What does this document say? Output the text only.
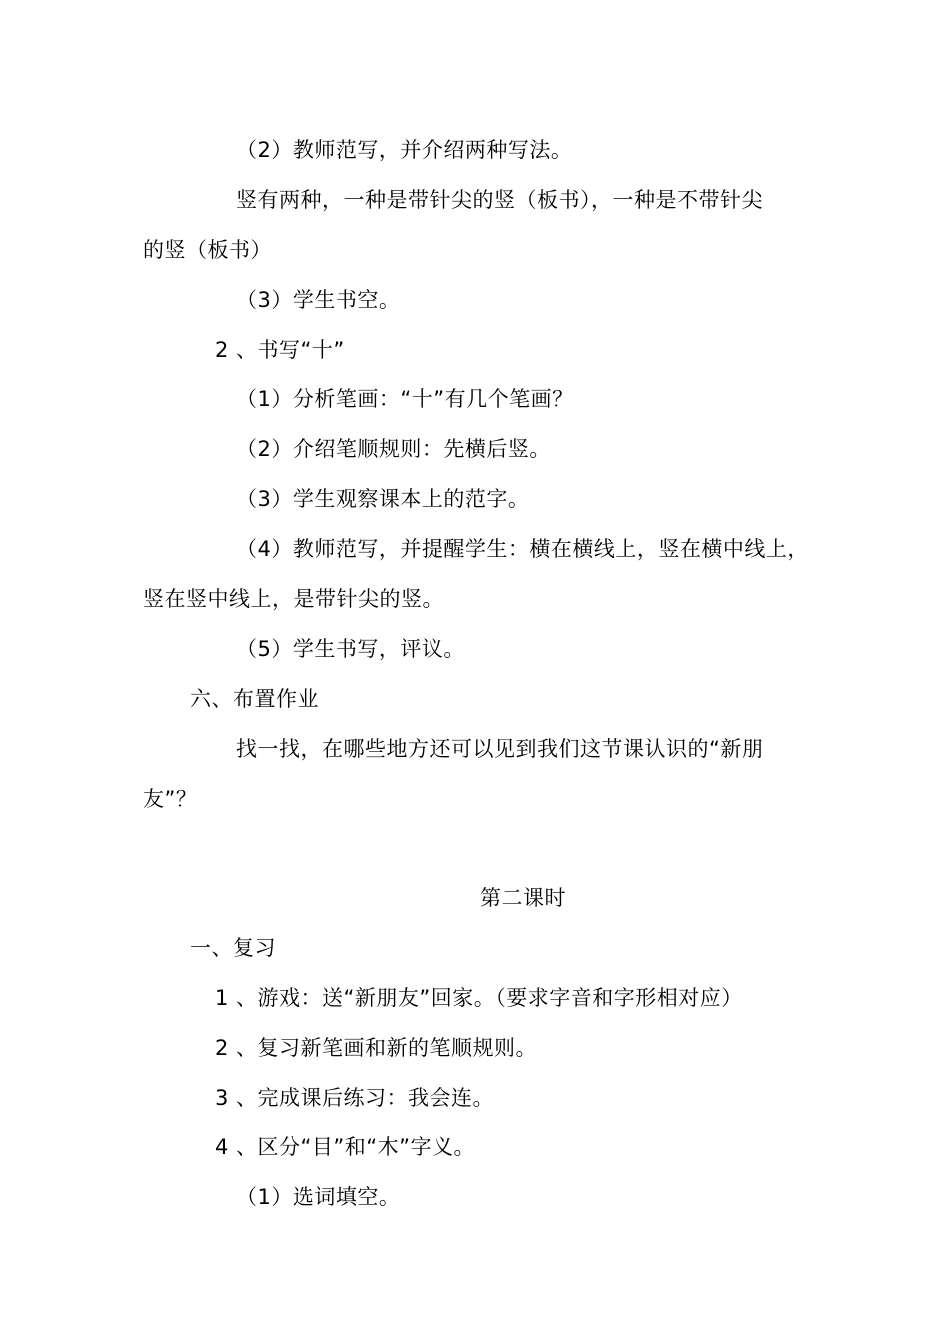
（2）教师范写，并介绍两种写法。
竖有两种，一种是带针尖的竖（板书），一种是不带针尖
的竖（板书）
（3）学生书空。
2 、书写“十”
（1）分析笔画：“十”有几个笔画？
（2）介绍笔顺规则：先横后竖。
（3）学生观察课本上的范字。
（4）教师范写，并提醒学生：横在横线上，竖在横中线上，
竖在竖中线上，是带针尖的竖。
（5）学生书写，评议。
六、布置作业
找一找，在哪些地方还可以见到我们这节课认识的“新朋
友”？
第二课时
一、复习
1 、游戏：送“新朋友”回家。（要求字音和字形相对应）
2 、复习新笔画和新的笔顺规则。
3 、完成课后练习：我会连。
4 、区分“目”和“木”字义。
（1）选词填空。
